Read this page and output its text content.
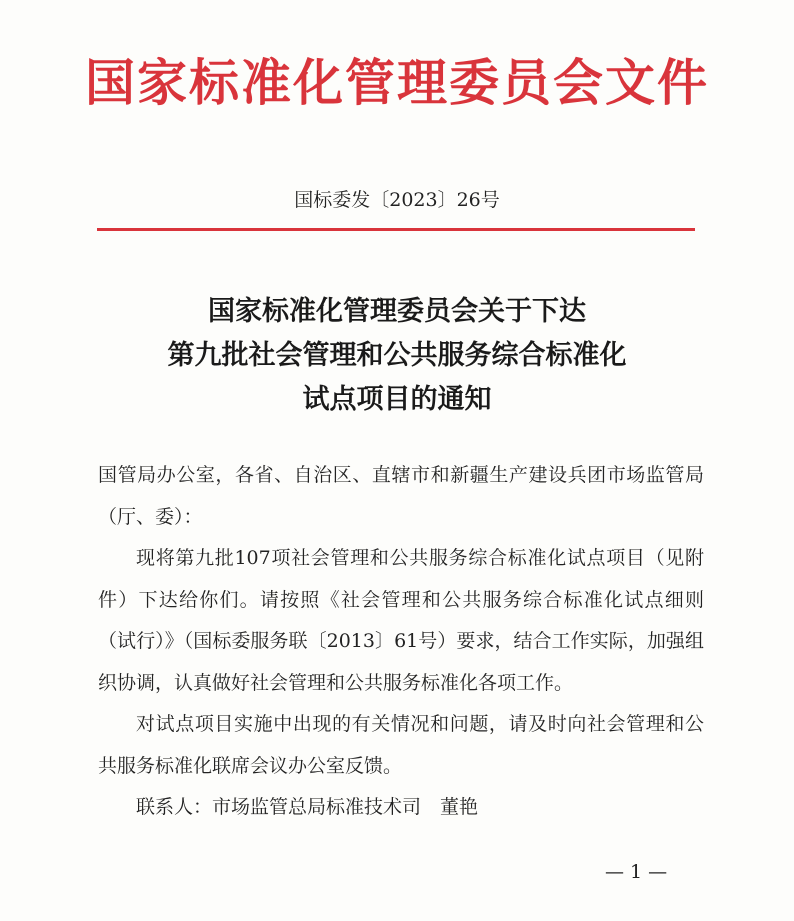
国家标准化管理委员会文件
国标委发〔2023〕26号
国家标准化管理委员会关于下达
第九批社会管理和公共服务综合标准化
试点项目的通知

国管局办公室，各省、自治区、直辖市和新疆生产建设兵团市场监管局（厅、委）：

现将第九批107项社会管理和公共服务综合标准化试点项目（见附件）下达给你们。请按照《社会管理和公共服务综合标准化试点细则（试行）》（国标委服务联〔2013〕61号）要求，结合工作实际，加强组织协调，认真做好社会管理和公共服务标准化各项工作。

对试点项目实施中出现的有关情况和问题，请及时向社会管理和公共服务标准化联席会议办公室反馈。

联系人：市场监管总局标准技术司　董艳

— 1 —
